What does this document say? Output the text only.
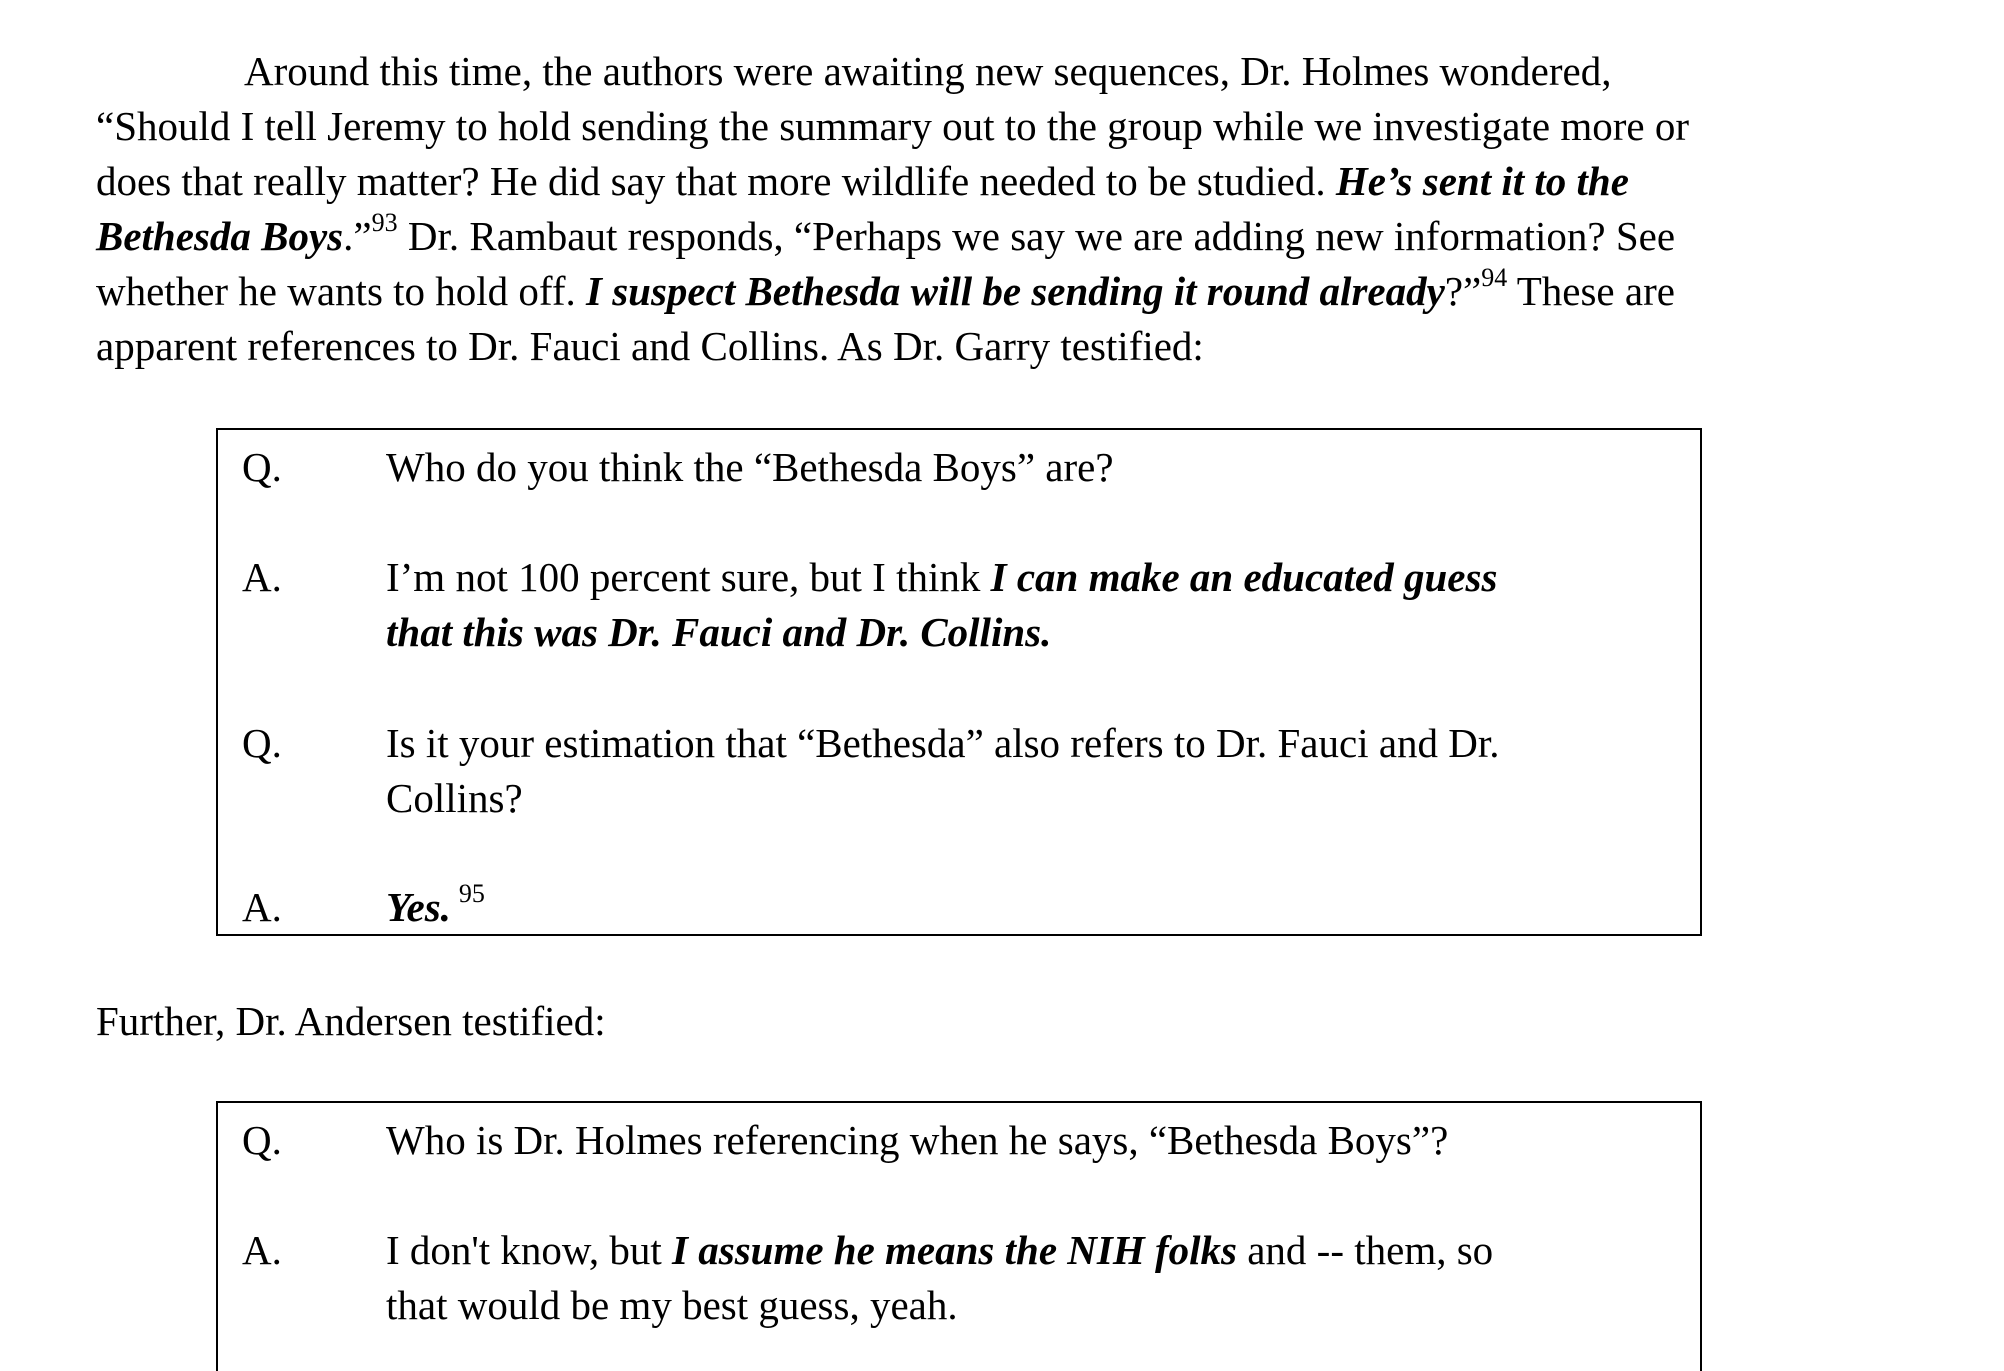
Around this time, the authors were awaiting new sequences, Dr. Holmes wondered,
“Should I tell Jeremy to hold sending the summary out to the group while we investigate more or
does that really matter? He did say that more wildlife needed to be studied. He’s sent it to the
Bethesda Boys.”$^{93}$ Dr. Rambaut responds, “Perhaps we say we are adding new information? See
whether he wants to hold off. I suspect Bethesda will be sending it round already?”$^{94}$ These are
apparent references to Dr. Fauci and Collins. As Dr. Garry testified:
Q.	Who do you think the “Bethesda Boys” are?
A.	I’m not 100 percent sure, but I think I can make an educated guess
that this was Dr. Fauci and Dr. Collins.
Q.	Is it your estimation that “Bethesda” also refers to Dr. Fauci and Dr.
Collins?
A.	Yes. $^{95}$
Further, Dr. Andersen testified:
Q.	Who is Dr. Holmes referencing when he says, “Bethesda Boys”?
A.	I don't know, but I assume he means the NIH folks and -- them, so
that would be my best guess, yeah.
